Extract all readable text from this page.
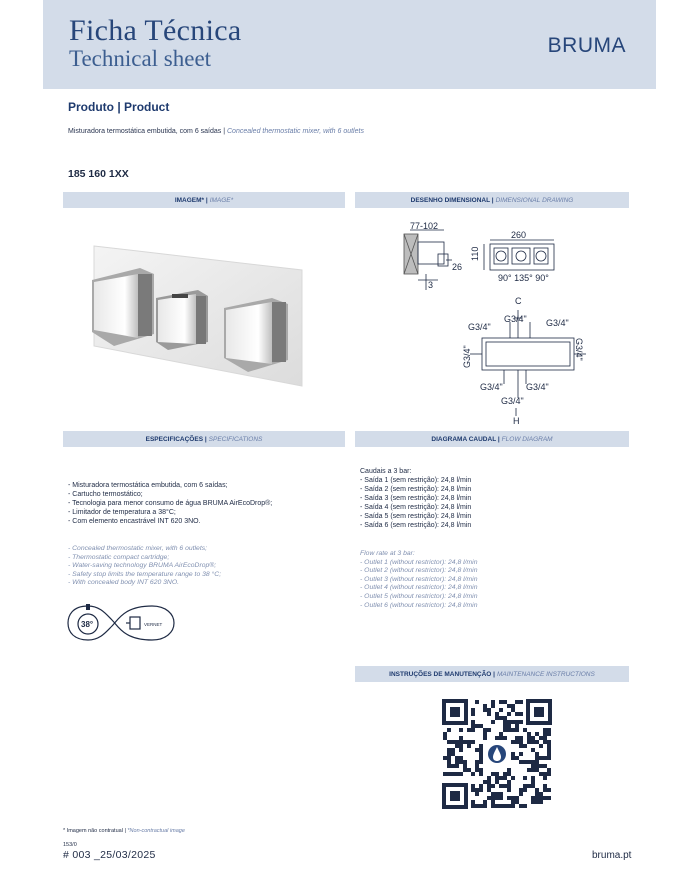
Ficha Técnica
Technical sheet
BRUMA
Produto | Product
Misturadora termostática embutida, com 6 saídas | Concealed thermostatic mixer, with 6 outlets
185 160 1XX
IMAGEM* | IMAGE*	DESENHO DIMENSIONAL | DIMENSIONAL DRAWING
77-102
260
110
26
3
90° 135° 90°
C
H
G3/4"
G3/4"	G3/4"
G3/4"	G3/4"
G3/4"	G3/4"
G3/4"
ESPECIFICAÇÕES | SPECIFICATIONS	DIAGRAMA CAUDAL | FLOW DIAGRAM
- Misturadora termostática embutida, com 6 saídas;
- Cartucho termostático;
- Tecnologia para menor consumo de água BRUMA AirEcoDrop®;
- Limitador de temperatura a 38°C;
- Com elemento encastrável INT 620 3NO.
- Concealed thermostatic mixer, with 6 outlets;
- Thermostatic compact cartridge;
- Water-saving technology BRUMA AirEcoDrop®;
- Safety stop limits the temperature range to 38 °C;
- With concealed body INT 620 3NO.
38°	VERNET
Caudais a 3 bar:
- Saída 1 (sem restrição): 24,8 l/min
- Saída 2 (sem restrição): 24,8 l/min
- Saída 3 (sem restrição): 24,8 l/min
- Saída 4 (sem restrição): 24,8 l/min
- Saída 5 (sem restrição): 24,8 l/min
- Saída 6 (sem restrição): 24,8 l/min
Flow rate at 3 bar:
- Outlet 1 (without restrictor): 24,8 l/min
- Outlet 2 (without restrictor): 24,8 l/min
- Outlet 3 (without restrictor): 24,8 l/min
- Outlet 4 (without restrictor): 24,8 l/min
- Outlet 5 (without restrictor): 24,8 l/min
- Outlet 6 (without restrictor): 24,8 l/min
INSTRUÇÕES DE MANUTENÇÃO | MAINTENANCE INSTRUCTIONS
* Imagem não contratual | *Non-contractual image
153/0
# 003 _25/03/2025	bruma.pt
